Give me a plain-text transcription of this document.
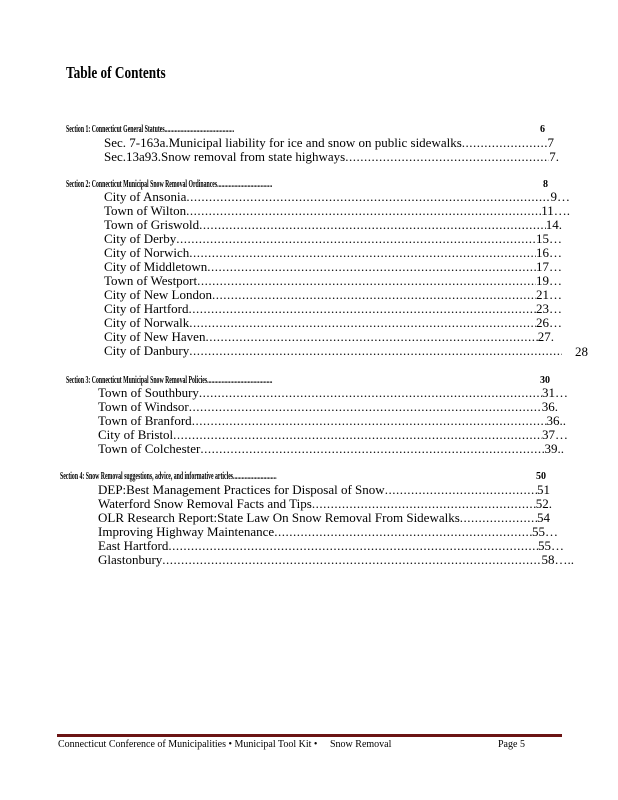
Table of Contents
Section 1: Connecticut General Statutes................................................	6
Sec. 7-163a.Municipal liability for ice and snow on public sidewalks .....	7
Sec.13a93.Snow removal from state highways .....	7.
Section 2: Connecticut Municipal Snow Removal Ordinances......................................	8
City of Ansonia .....	9…
Town of Wilton .....	11….
Town of Griswold .....	14.
City of Derby .....	15…
City of Norwich .....	16…
City of Middletown .....	17…
Town of Westport .....	19…
City of New London .....	21…
City of Hartford .....	23…
City of Norwalk .....	26…
City of New Haven .....	27.
City of Danbury .....	28
Section 3: Connecticut Municipal Snow Removal Policies.............................................	30
Town of Southbury .....	31…
Town of Windsor .....	36.
Town of Branford .....	36..
City of Bristol .....	37…
Town of Colchester .....	39..
Section 4: Snow Removal suggestions, advice, and informative articles..............................	50
DEP:Best Management Practices for Disposal of Snow .....	51
Waterford Snow Removal Facts and Tips .....	52.
OLR Research Report:State Law On Snow Removal From Sidewalks .....	54
Improving Highway Maintenance .....	55…
East Hartford .....	55…
Glastonbury .....	58…..
Connecticut Conference of Municipalities • Municipal Tool Kit • Snow Removal	Page 5
